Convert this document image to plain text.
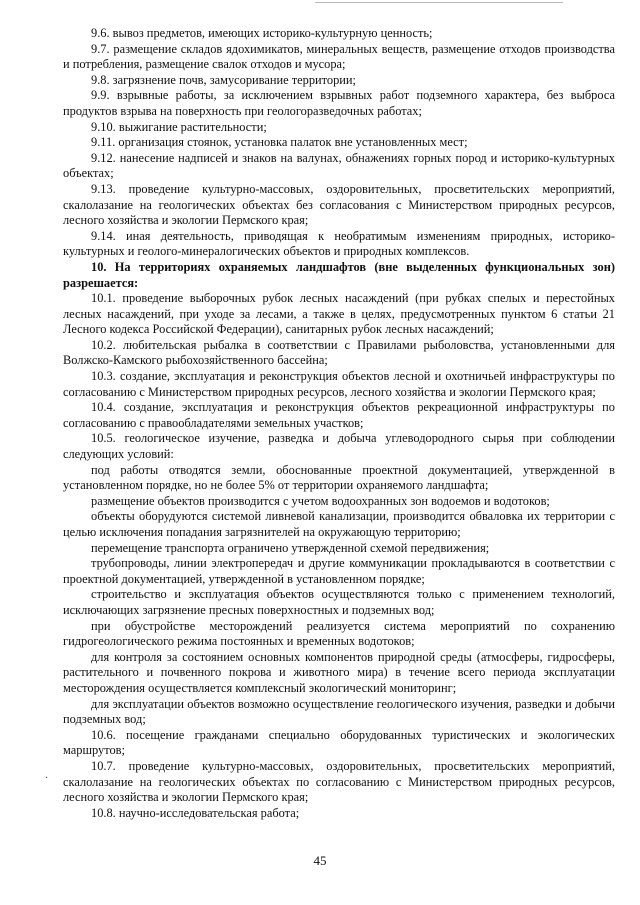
9.6. вывоз предметов, имеющих историко-культурную ценность;

9.7. размещение складов ядохимикатов, минеральных веществ, размещение отходов производства и потребления, размещение свалок отходов и мусора;

9.8. загрязнение почв, замусоривание территории;

9.9. взрывные работы, за исключением взрывных работ подземного характера, без выброса продуктов взрыва на поверхность при геологоразведочных работах;

9.10. выжигание растительности;

9.11. организация стоянок, установка палаток вне установленных мест;

9.12. нанесение надписей и знаков на валунах, обнажениях горных пород и историко-культурных объектах;

9.13. проведение культурно-массовых, оздоровительных, просветительских мероприятий, скалолазание на геологических объектах без согласования с Министерством природных ресурсов, лесного хозяйства и экологии Пермского края;

9.14. иная деятельность, приводящая к необратимым изменениям природных, историко-культурных и геолого-минералогических объектов и природных комплексов.

10. На территориях охраняемых ландшафтов (вне выделенных функциональных зон) разрешается:

10.1. проведение выборочных рубок лесных насаждений (при рубках спелых и перестойных лесных насаждений, при уходе за лесами, а также в целях, предусмотренных пунктом 6 статьи 21 Лесного кодекса Российской Федерации), санитарных рубок лесных насаждений;

10.2. любительская рыбалка в соответствии с Правилами рыболовства, установленными для Волжско-Камского рыбохозяйственного бассейна;

10.3. создание, эксплуатация и реконструкция объектов лесной и охотничьей инфраструктуры по согласованию с Министерством природных ресурсов, лесного хозяйства и экологии Пермского края;

10.4. создание, эксплуатация и реконструкция объектов рекреационной инфраструктуры по согласованию с правообладателями земельных участков;

10.5. геологическое изучение, разведка и добыча углеводородного сырья при соблюдении следующих условий:

под работы отводятся земли, обоснованные проектной документацией, утвержденной в установленном порядке, но не более 5% от территории охраняемого ландшафта;

размещение объектов производится с учетом водоохранных зон водоемов и водотоков;

объекты оборудуются системой ливневой канализации, производится обваловка их территории с целью исключения попадания загрязнителей на окружающую территорию;

перемещение транспорта ограничено утвержденной схемой передвижения;

трубопроводы, линии электропередач и другие коммуникации прокладываются в соответствии с проектной документацией, утвержденной в установленном порядке;

строительство и эксплуатация объектов осуществляются только с применением технологий, исключающих загрязнение пресных поверхностных и подземных вод;

при обустройстве месторождений реализуется система мероприятий по сохранению гидрогеологического режима постоянных и временных водотоков;

для контроля за состоянием основных компонентов природной среды (атмосферы, гидросферы, растительного и почвенного покрова и животного мира) в течение всего периода эксплуатации месторождения осуществляется комплексный экологический мониторинг;

для эксплуатации объектов возможно осуществление геологического изучения, разведки и добычи подземных вод;

10.6. посещение гражданами специально оборудованных туристических и экологических маршрутов;

10.7. проведение культурно-массовых, оздоровительных, просветительских мероприятий, скалолазание на геологических объектах по согласованию с Министерством природных ресурсов, лесного хозяйства и экологии Пермского края;

10.8. научно-исследовательская работа;

.
45
